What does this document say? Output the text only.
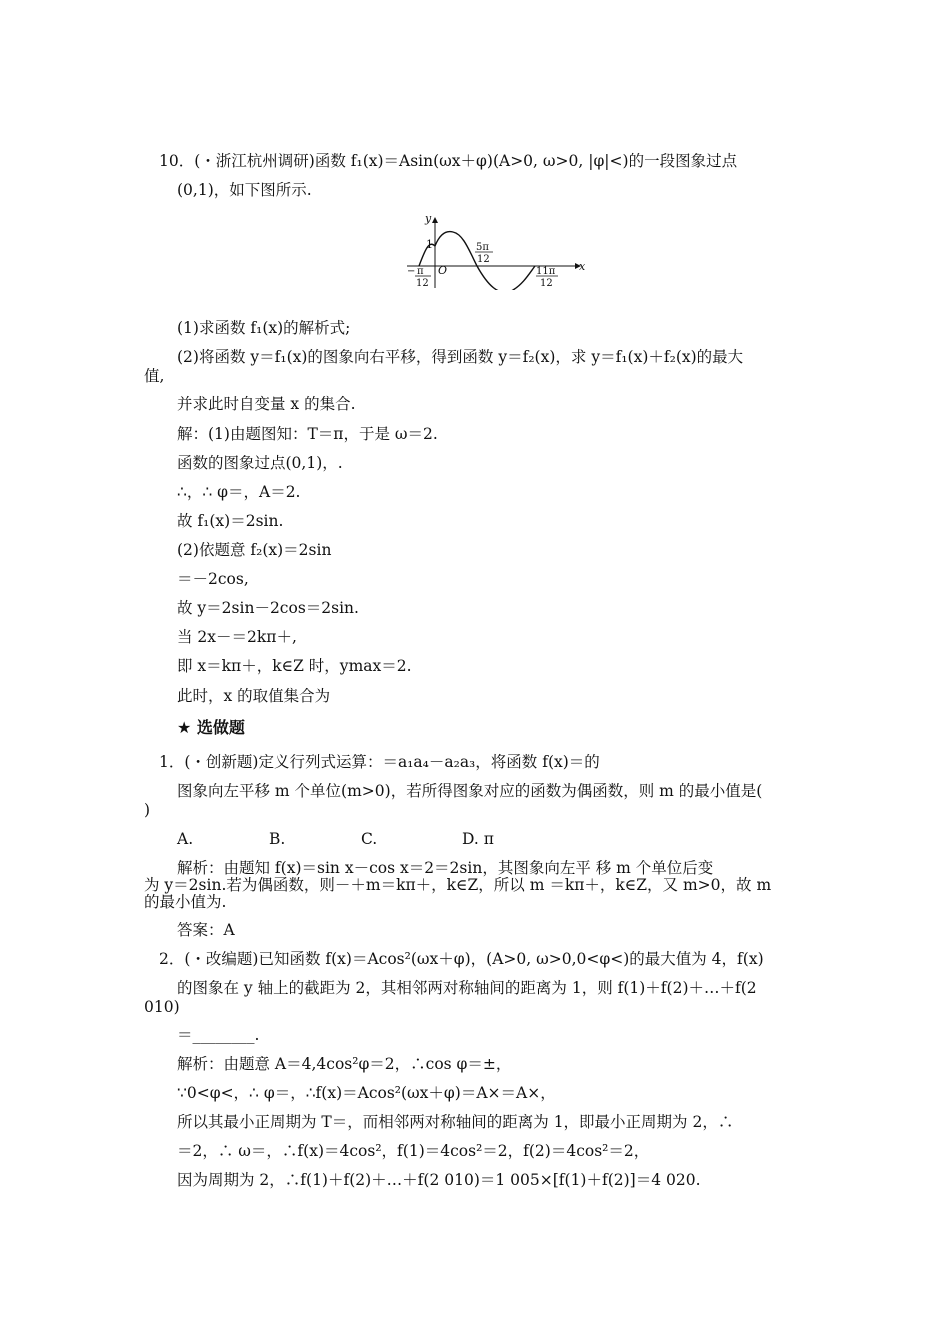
10．(・浙江杭州调研)函数 f₁(x)＝Asin(ωx＋φ)(A>0, ω>0, |φ|<)的一段图象过点
(0,1)，如下图所示.
y
x
O
1
− π
12
5π
12
11π
12
(1)求函数 f₁(x)的解析式;
(2)将函数 y＝f₁(x)的图象向右平移，得到函数 y＝f₂(x)，求 y＝f₁(x)＋f₂(x)的最大
值,
并求此时自变量 x 的集合.
解：(1)由题图知：T＝π，于是 ω＝2.
函数的图象过点(0,1)，.
∴，∴ φ＝，A＝2.
故 f₁(x)＝2sin.
(2)依题意 f₂(x)＝2sin
＝－2cos,
故 y＝2sin－2cos＝2sin.
当 2x－＝2kπ＋,
即 x＝kπ＋，k∈Z 时，ymax＝2.
此时，x 的取值集合为
★ 选做题
1．(・创新题)定义行列式运算：＝a₁a₄－a₂a₃，将函数 f(x)＝的
图象向左平移 m 个单位(m>0)，若所得图象对应的函数为偶函数，则 m 的最小值是(
)
A.	B.	C.	D. π
解析：由题知 f(x)＝sin x－cos x＝2＝2sin，其图象向左平 移 m 个单位后变
为 y＝2sin.若为偶函数，则－＋m＝kπ＋，k∈Z，所以 m ＝kπ＋，k∈Z，又 m>0，故 m
的最小值为.
答案：A
2．(・改编题)已知函数 f(x)＝Acos²(ωx＋φ)，(A>0, ω>0,0<φ<)的最大值为 4，f(x)
的图象在 y 轴上的截距为 2，其相邻两对称轴间的距离为 1，则 f(1)＋f(2)＋…＋f(2
010)
＝________.
解析：由题意 A＝4,4cos²φ＝2，∴cos φ＝±，
∵0<φ<，∴ φ＝，∴f(x)＝Acos²(ωx＋φ)＝A×＝A×，
所以其最小正周期为 T＝，而相邻两对称轴间的距离为 1，即最小正周期为 2，∴
＝2，∴ ω＝，∴f(x)＝4cos²，f(1)＝4cos²＝2，f(2)＝4cos²＝2，
因为周期为 2，∴f(1)＋f(2)＋…＋f(2 010)＝1 005×[f(1)＋f(2)]＝4 020.
